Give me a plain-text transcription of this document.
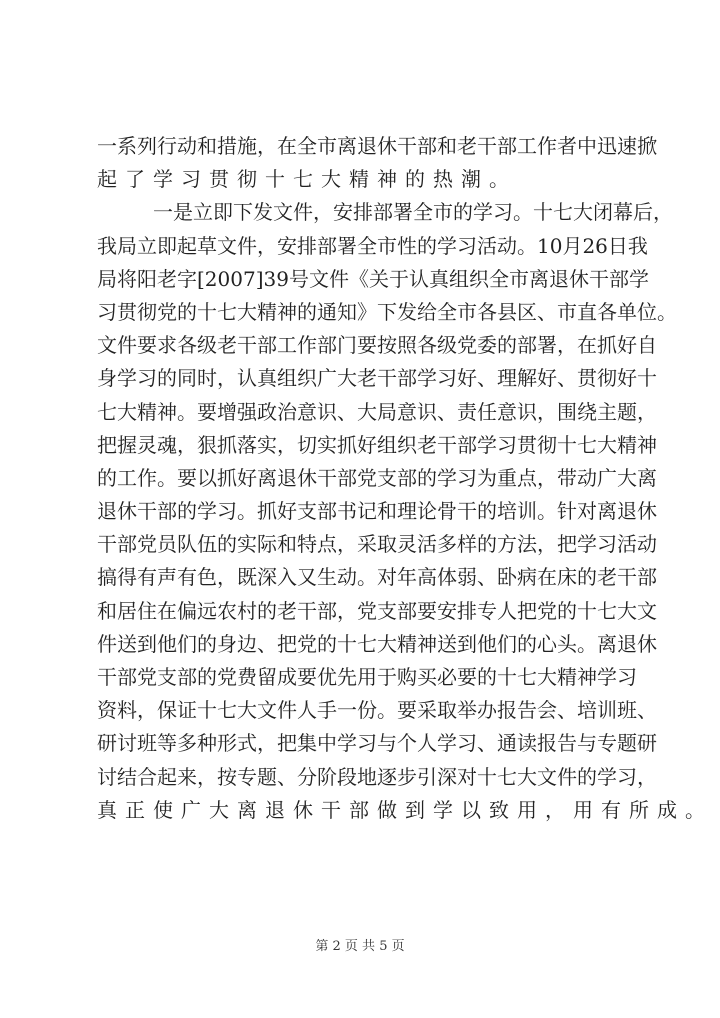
一系列行动和措施，在全市离退休干部和老干部工作者中迅速掀
起了学习贯彻十七大精神的热潮。
一是立即下发文件，安排部署全市的学习。十七大闭幕后，
我局立即起草文件，安排部署全市性的学习活动。10月26日我
局将阳老字[2007]39号文件《关于认真组织全市离退休干部学
习贯彻党的十七大精神的通知》下发给全市各县区、市直各单位。
文件要求各级老干部工作部门要按照各级党委的部署，在抓好自
身学习的同时，认真组织广大老干部学习好、理解好、贯彻好十
七大精神。要增强政治意识、大局意识、责任意识，围绕主题，
把握灵魂，狠抓落实，切实抓好组织老干部学习贯彻十七大精神
的工作。要以抓好离退休干部党支部的学习为重点，带动广大离
退休干部的学习。抓好支部书记和理论骨干的培训。针对离退休
干部党员队伍的实际和特点，采取灵活多样的方法，把学习活动
搞得有声有色，既深入又生动。对年高体弱、卧病在床的老干部
和居住在偏远农村的老干部，党支部要安排专人把党的十七大文
件送到他们的身边、把党的十七大精神送到他们的心头。离退休
干部党支部的党费留成要优先用于购买必要的十七大精神学习
资料，保证十七大文件人手一份。要采取举办报告会、培训班、
研讨班等多种形式，把集中学习与个人学习、通读报告与专题研
讨结合起来，按专题、分阶段地逐步引深对十七大文件的学习，
真正使广大离退休干部做到学以致用，用有所成。
第 2 页 共 5 页
